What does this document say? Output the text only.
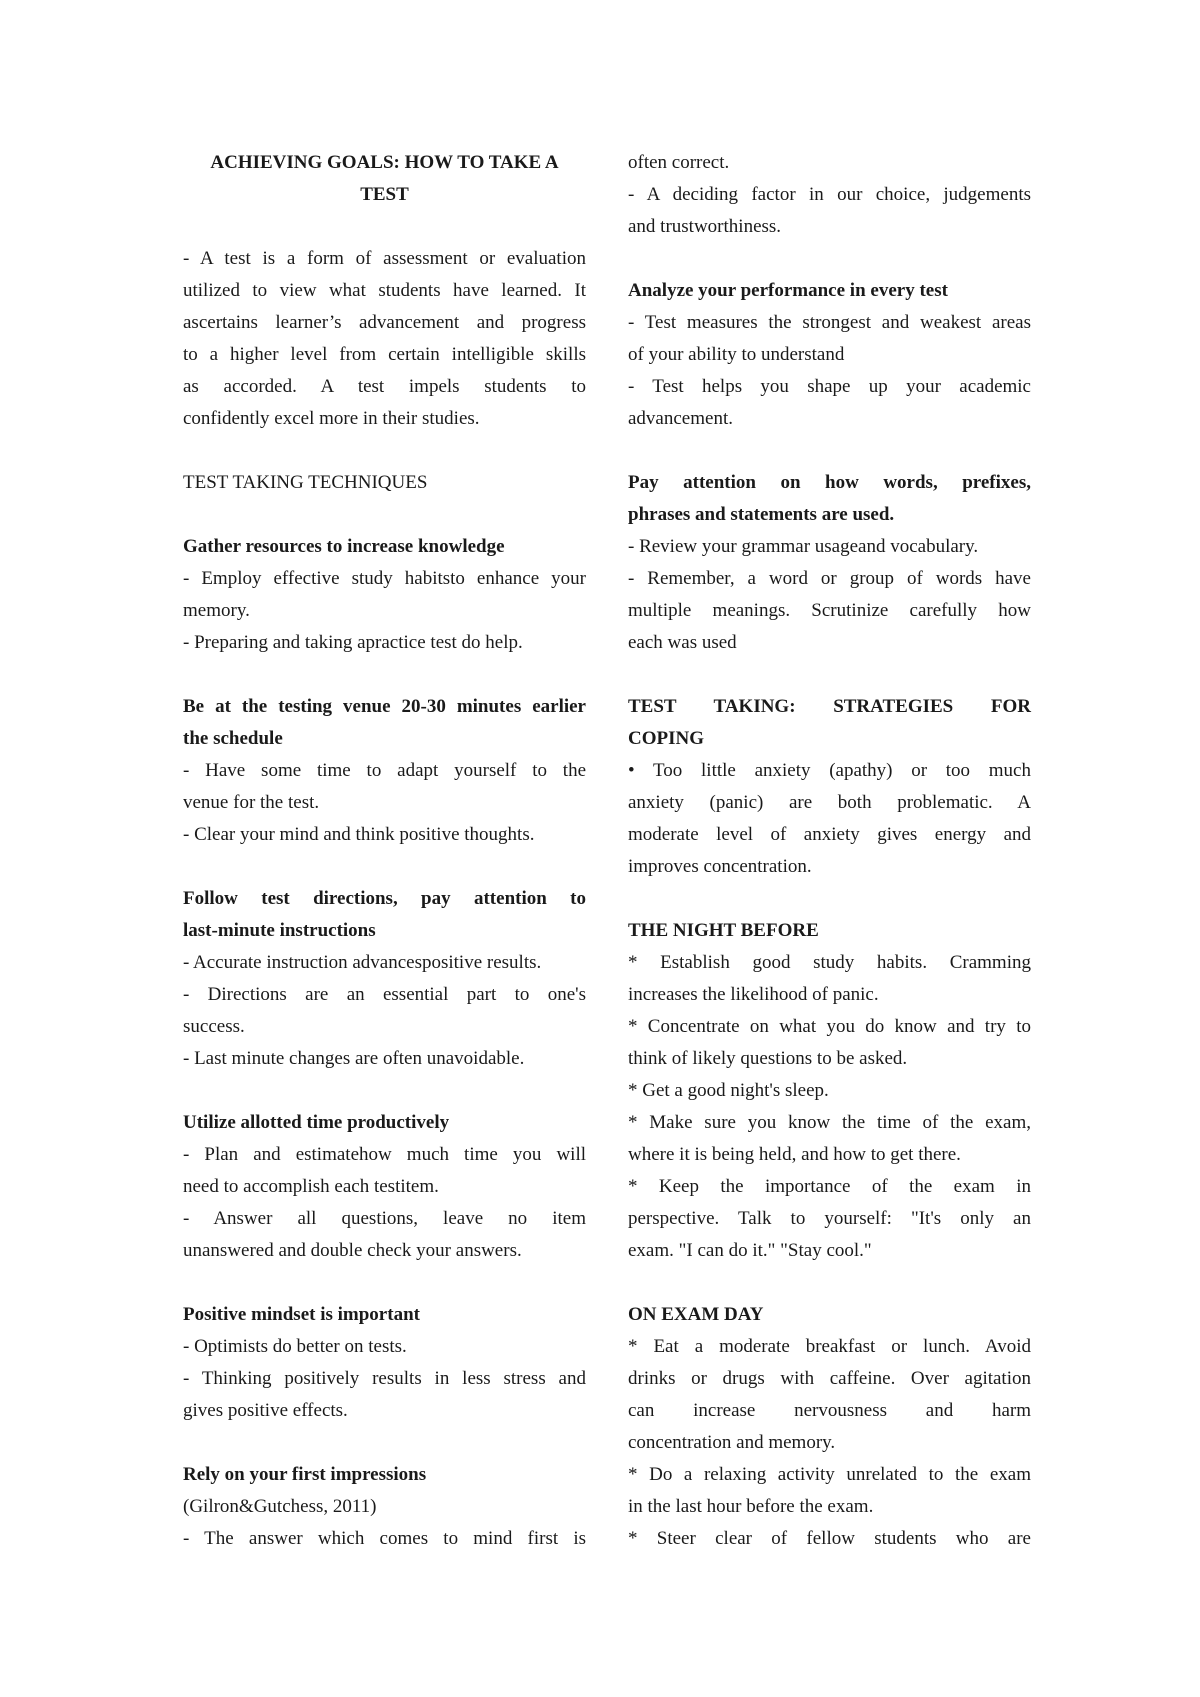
ACHIEVING GOALS: HOW TO TAKE A
TEST
- A test is a form of assessment or evaluation
utilized to view what students have learned. It
ascertains learner’s advancement and progress
to a higher level from certain intelligible skills
as accorded. A test impels students to
confidently excel more in their studies.
TEST TAKING TECHNIQUES
Gather resources to increase knowledge
- Employ effective study habitsto enhance your
memory.
- Preparing and taking apractice test do help.
Be at the testing venue 20-30 minutes earlier
the schedule
- Have some time to adapt yourself to the
venue for the test.
- Clear your mind and think positive thoughts.
Follow test directions, pay attention to
last-minute instructions
- Accurate instruction advancespositive results.
- Directions are an essential part to one's
success.
- Last minute changes are often unavoidable.
Utilize allotted time productively
- Plan and estimatehow much time you will
need to accomplish each testitem.
- Answer all questions, leave no item
unanswered and double check your answers.
Positive mindset is important
- Optimists do better on tests.
- Thinking positively results in less stress and
gives positive effects.
Rely on your first impressions
(Gilron&Gutchess, 2011)
- The answer which comes to mind first is
often correct.
- A deciding factor in our choice, judgements
and trustworthiness.
Analyze your performance in every test
- Test measures the strongest and weakest areas
of your ability to understand
- Test helps you shape up your academic
advancement.
Pay attention on how words, prefixes,
phrases and statements are used.
- Review your grammar usageand vocabulary.
- Remember, a word or group of words have
multiple meanings. Scrutinize carefully how
each was used
TEST TAKING: STRATEGIES FOR
COPING
• Too little anxiety (apathy) or too much
anxiety (panic) are both problematic. A
moderate level of anxiety gives energy and
improves concentration.
THE NIGHT BEFORE
* Establish good study habits. Cramming
increases the likelihood of panic.
* Concentrate on what you do know and try to
think of likely questions to be asked.
* Get a good night's sleep.
* Make sure you know the time of the exam,
where it is being held, and how to get there.
* Keep the importance of the exam in
perspective. Talk to yourself: "It's only an
exam. "I can do it." "Stay cool."
ON EXAM DAY
* Eat a moderate breakfast or lunch. Avoid
drinks or drugs with caffeine. Over agitation
can increase nervousness and harm
concentration and memory.
* Do a relaxing activity unrelated to the exam
in the last hour before the exam.
* Steer clear of fellow students who are
